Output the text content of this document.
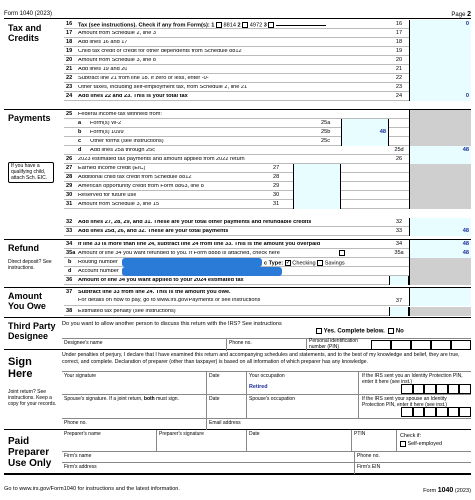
Form 1040 (2023)	Page 2
Tax and Credits
16 Tax (see instructions). Check if any from Form(s): 1 8814 2 4972 3	16	0
17 Amount from Schedule 2, line 3	17
18 Add lines 16 and 17	18
19 Child tax credit or credit for other dependents from Schedule 8812	19
20 Amount from Schedule 3, line 8	20
21 Add lines 19 and 20	21
22 Subtract line 21 from line 18. If zero or less, enter -0-	22
23 Other taxes, including self-employment tax, from Schedule 2, line 21	23
24 Add lines 22 and 23. This is your total tax	24	0
Payments
If you have a qualifying child, attach Sch. EIC.
25 Federal income tax withheld from:
a Form(s) W-2	25a
b Form(s) 1099	25b	48
c Other forms (see instructions)	25c
d Add lines 25a through 25c	25d	48
26 2023 estimated tax payments and amount applied from 2022 return	26
27 Earned income credit (EIC)	27
28 Additional child tax credit from Schedule 8812	28
29 American opportunity credit from Form 8863, line 8	29
30 Reserved for future use	30
31 Amount from Schedule 3, line 15	31
32 Add lines 27, 28, 29, and 31. These are your total other payments and refundable credits	32
33 Add lines 25d, 26, and 32. These are your total payments	33	48
Refund
Direct deposit? See instructions.
34 If line 33 is more than line 24, subtract line 24 from line 33. This is the amount you overpaid	34	48
35a Amount of line 34 you want refunded to you. If Form 8888 is attached, check here	35a	48
b Routing number	c Type: ✓ Checking Savings
d Account number
36 Amount of line 34 you want applied to your 2024 estimated tax
Amount You Owe
37 Subtract line 33 from line 24. This is the amount you owe.
For details on how to pay, go to www.irs.gov/Payments or see instructions	37
38 Estimated tax penalty (see instructions)
Third Party Designee
Do you want to allow another person to discuss this return with the IRS? See instructions
Yes. Complete below. No
Designee's name	Phone no.	Personal identification number (PIN)
Sign Here
Joint return? See instructions. Keep a copy for your records.
Under penalties of perjury, I declare that I have examined this return and accompanying schedules and statements, and to the best of my knowledge and belief, they are true, correct, and complete. Declaration of preparer (other than taxpayer) is based on all information of which preparer has any knowledge.
Your signature	Date	Your occupation

Retired
If the IRS sent you an Identity Protection PIN, enter it here (see inst.)
Spouse's signature. If a joint return, both must sign.	Date	Spouse's occupation	If the IRS sent your spouse an Identity Protection PIN, enter it here (see inst.)
Phone no.	Email address
Paid Preparer Use Only
Preparer's name	Preparer's signature	Date	PTIN	Check if:
Self-employed
Firm's name	Phone no.
Firm's address	Firm's EIN
Go to www.irs.gov/Form1040 for instructions and the latest information.	Form 1040 (2023)
